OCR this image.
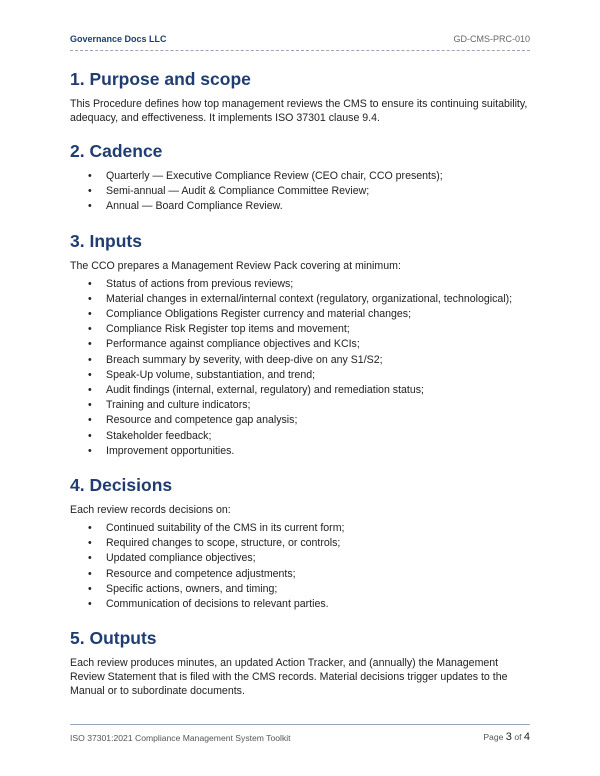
Governance Docs LLC	GD-CMS-PRC-010
1. Purpose and scope

This Procedure defines how top management reviews the CMS to ensure its continuing suitability, adequacy, and effectiveness. It implements ISO 37301 clause 9.4.

2. Cadence
• Quarterly — Executive Compliance Review (CEO chair, CCO presents);
• Semi-annual — Audit & Compliance Committee Review;
• Annual — Board Compliance Review.
3. Inputs

The CCO prepares a Management Review Pack covering at minimum:

• Status of actions from previous reviews;
• Material changes in external/internal context (regulatory, organizational, technological);
• Compliance Obligations Register currency and material changes;
• Compliance Risk Register top items and movement;
• Performance against compliance objectives and KCIs;
• Breach summary by severity, with deep-dive on any S1/S2;
• Speak-Up volume, substantiation, and trend;
• Audit findings (internal, external, regulatory) and remediation status;
• Training and culture indicators;
• Resource and competence gap analysis;
• Stakeholder feedback;
• Improvement opportunities.
4. Decisions

Each review records decisions on:

• Continued suitability of the CMS in its current form;
• Required changes to scope, structure, or controls;
• Updated compliance objectives;
• Resource and competence adjustments;
• Specific actions, owners, and timing;
• Communication of decisions to relevant parties.
5. Outputs

Each review produces minutes, an updated Action Tracker, and (annually) the Management Review Statement that is filed with the CMS records. Material decisions trigger updates to the Manual or to subordinate documents.

ISO 37301:2021 Compliance Management System Toolkit	Page 3 of 4
